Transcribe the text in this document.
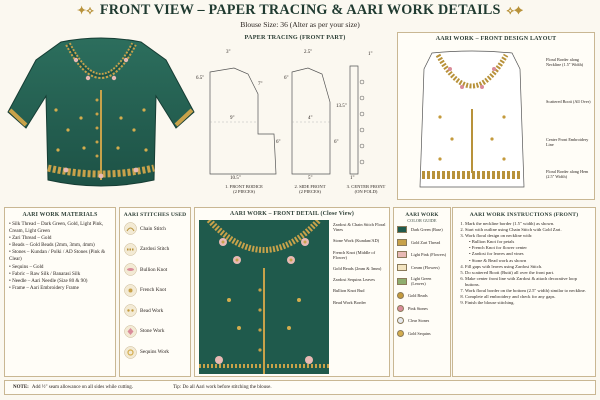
✦⟡ FRONT VIEW – PAPER TRACING & AARI WORK DETAILS ⟡✦
Blouse Size: 36 (Alter as per your size)
PAPER TRACING (FRONT PART)
3"
6.5"
7"
9"
6"
10.5"
2.5"
6"
4"
6"
5"
1"
13.5"
1"
1. FRONT BODICE
(2 PIECES)
2. SIDE FRONT
(2 PIECES)
3. CENTER FRONT
(ON FOLD)
AARI WORK – FRONT DESIGN LAYOUT
Floral Border along Neckline (1.5" Width)
Scattered Booti (All Over)
Center Front Embroidery Line
Floral Border along Hem (2.5" Width)
AARI WORK MATERIALS
• Silk Thread – Dark Green, Gold, Light Pink, Cream, Light Green
• Zari Thread – Gold
• Beads – Gold Beads (2mm, 3mm, 4mm)
• Stones – Kundan / Polki / AD Stones (Pink & Clear)
• Sequins – Gold
• Fabric – Raw Silk / Banarasi Silk
• Needle – Aari Needle (Size 80 & 90)
• Frame – Aari Embroidery Frame
AARI STITCHES USED
Chain Stitch
Zardosi Stitch
Bullion Knot
French Knot
Bead Work
Stone Work
Sequins Work
AARI WORK – FRONT DETAIL (Close View)
Zardosi & Chain Stitch Floral Vines
Stone Work (Kundan/AD)
French Knot (Middle of Flower)
Gold Beads (2mm & 3mm)
Zardosi Sequins Leaves
Bullion Knot Bud
Bead Work Border
AARI WORK
COLOR GUIDE
Dark Green (Base)
Gold Zari Thread
Light Pink (Flowers)
Cream (Flowers)
Light Green (Leaves)
Gold Beads
Pink Stones
Clear Stones
Gold Sequins
AARI WORK INSTRUCTIONS (FRONT)
1. Mark the neckline border (1.5" width) as shown.
2. Start with outline using Chain Stitch with Gold Zari.
3. Work floral design on neckline with:
• Bullion Knot for petals
• French Knot for flower center
• Zardosi for leaves and vines
• Stone & Bead work as shown
4. Fill gaps with leaves using Zardosi Stitch.
5. Do scattered Booti (Butti) all over the front part.
6. Make center front line with Zardosi & attach decorative loop buttons.
7. Work floral border on the bottom (2.5" width) similar to neckline.
8. Complete all embroidery and check for any gaps.
9. Finish the blouse stitching.
NOTE: Add ½" seam allowance on all sides while cutting.	Tip: Do all Aari work before stitching the blouse.
